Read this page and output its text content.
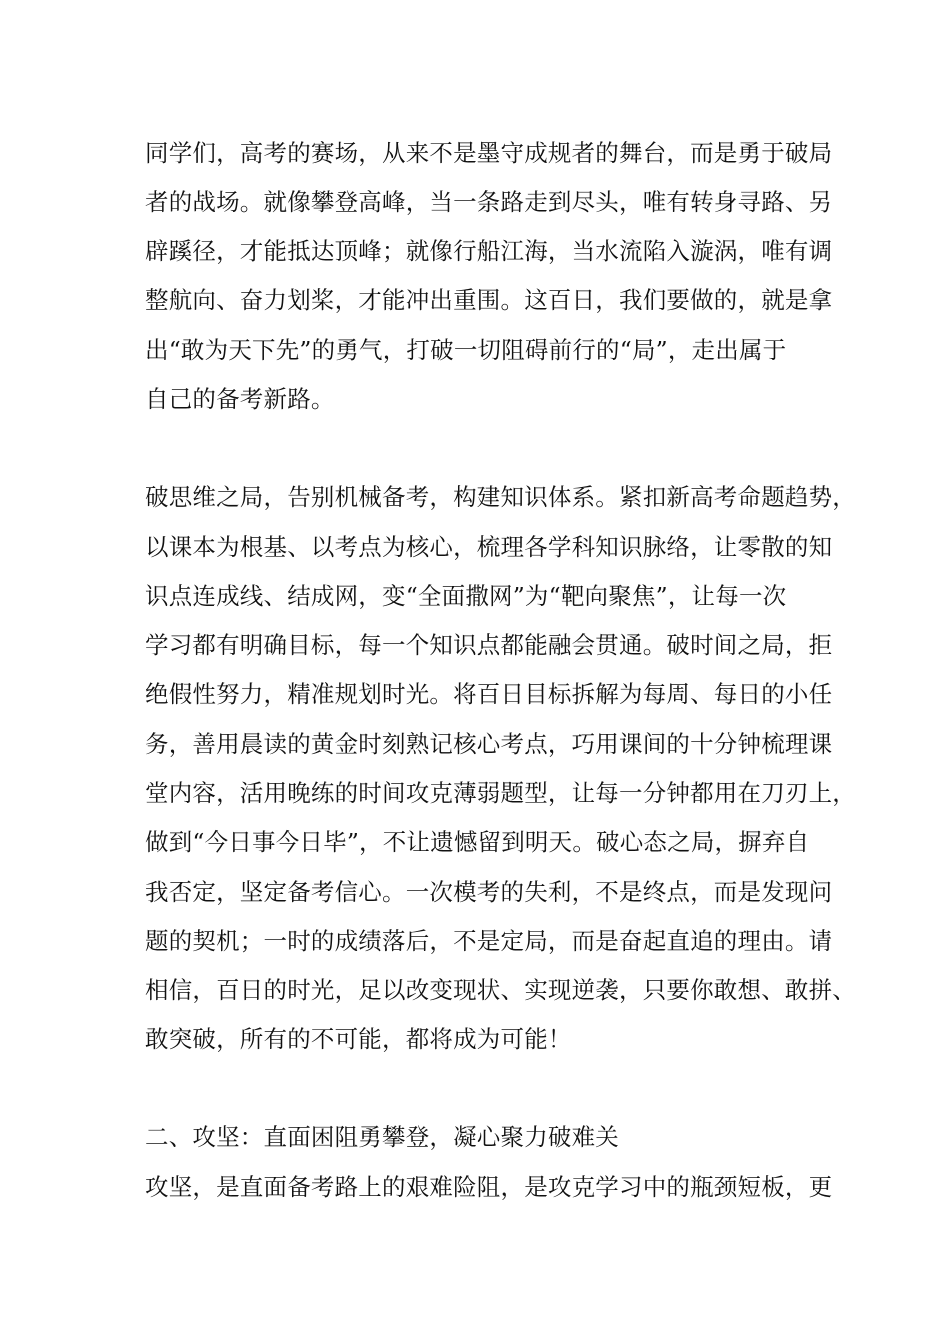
同学们，高考的赛场，从来不是墨守成规者的舞台，而是勇于破局
者的战场。就像攀登高峰，当一条路走到尽头，唯有转身寻路、另
辟蹊径，才能抵达顶峰；就像行船江海，当水流陷入漩涡，唯有调
整航向、奋力划桨，才能冲出重围。这百日，我们要做的，就是拿
出“敢为天下先”的勇气，打破一切阻碍前行的“局”，走出属于
自己的备考新路。
破思维之局，告别机械备考，构建知识体系。紧扣新高考命题趋势，
以课本为根基、以考点为核心，梳理各学科知识脉络，让零散的知
识点连成线、结成网，变“全面撒网”为“靶向聚焦”，让每一次
学习都有明确目标，每一个知识点都能融会贯通。破时间之局，拒
绝假性努力，精准规划时光。将百日目标拆解为每周、每日的小任
务，善用晨读的黄金时刻熟记核心考点，巧用课间的十分钟梳理课
堂内容，活用晚练的时间攻克薄弱题型，让每一分钟都用在刀刃上，
做到“今日事今日毕”，不让遗憾留到明天。破心态之局，摒弃自
我否定，坚定备考信心。一次模考的失利，不是终点，而是发现问
题的契机；一时的成绩落后，不是定局，而是奋起直追的理由。请
相信，百日的时光，足以改变现状、实现逆袭，只要你敢想、敢拼、
敢突破，所有的不可能，都将成为可能！
二、攻坚：直面困阻勇攀登，凝心聚力破难关
攻坚，是直面备考路上的艰难险阻，是攻克学习中的瓶颈短板，更
